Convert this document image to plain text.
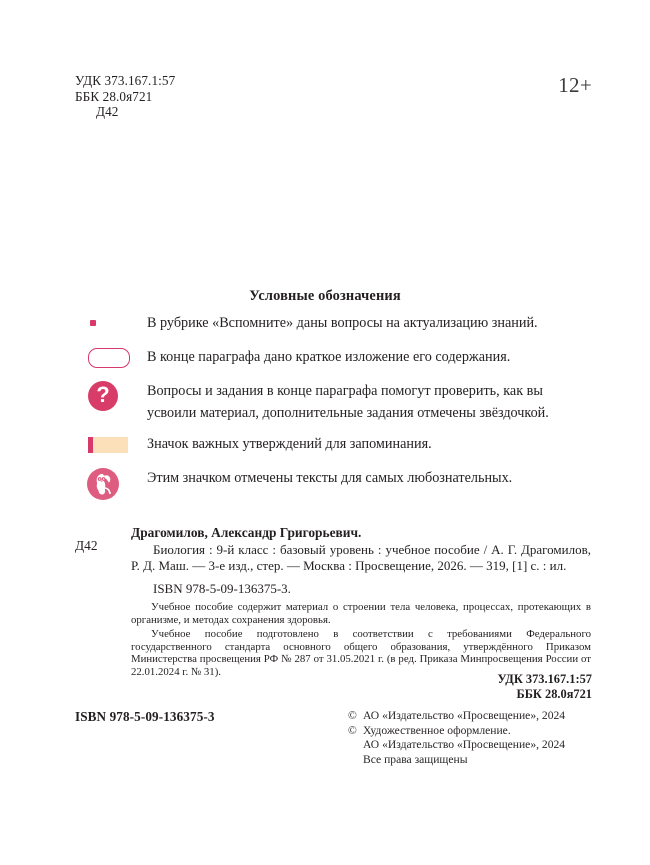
УДК 373.167.1:57
ББК 28.0я721

Д42
12+
Условные обозначения
В рубрике «Вспомните» даны вопросы на актуализацию знаний.
В конце параграфа дано краткое изложение его содержания.
?	Вопросы и задания в конце параграфа помогут проверить, как вы усвоили материал, дополнительные задания отмечены звёздочкой.
Значок важных утверждений для запоминания.
Этим значком отмечены тексты для самых любознательных.
Д42
Драгомилов, Александр Григорьевич.
Биология : 9-й класс : базовый уровень : учебное пособие / А. Г. Драгомилов, Р. Д. Маш. — 3-е изд., стер. — Москва : Просвещение, 2026. — 319, [1] с. : ил.
ISBN 978-5-09-136375-3.
Учебное пособие содержит материал о строении тела человека, процессах, протекающих в организме, и методах сохранения здоровья.
Учебное пособие подготовлено в соответствии с требованиями Федерального государственного стандарта основного общего образования, утверждённого Приказом Министерства просвещения РФ № 287 от 31.05.2021 г. (в ред. Приказа Минпросвещения России от 22.01.2024 г. № 31).	УДК 373.167.1:57
ББК 28.0я721
ISBN 978-5-09-136375-3	© АО «Издательство «Просвещение», 2024
© Художественное оформление.
АО «Издательство «Просвещение», 2024
Все права защищены
